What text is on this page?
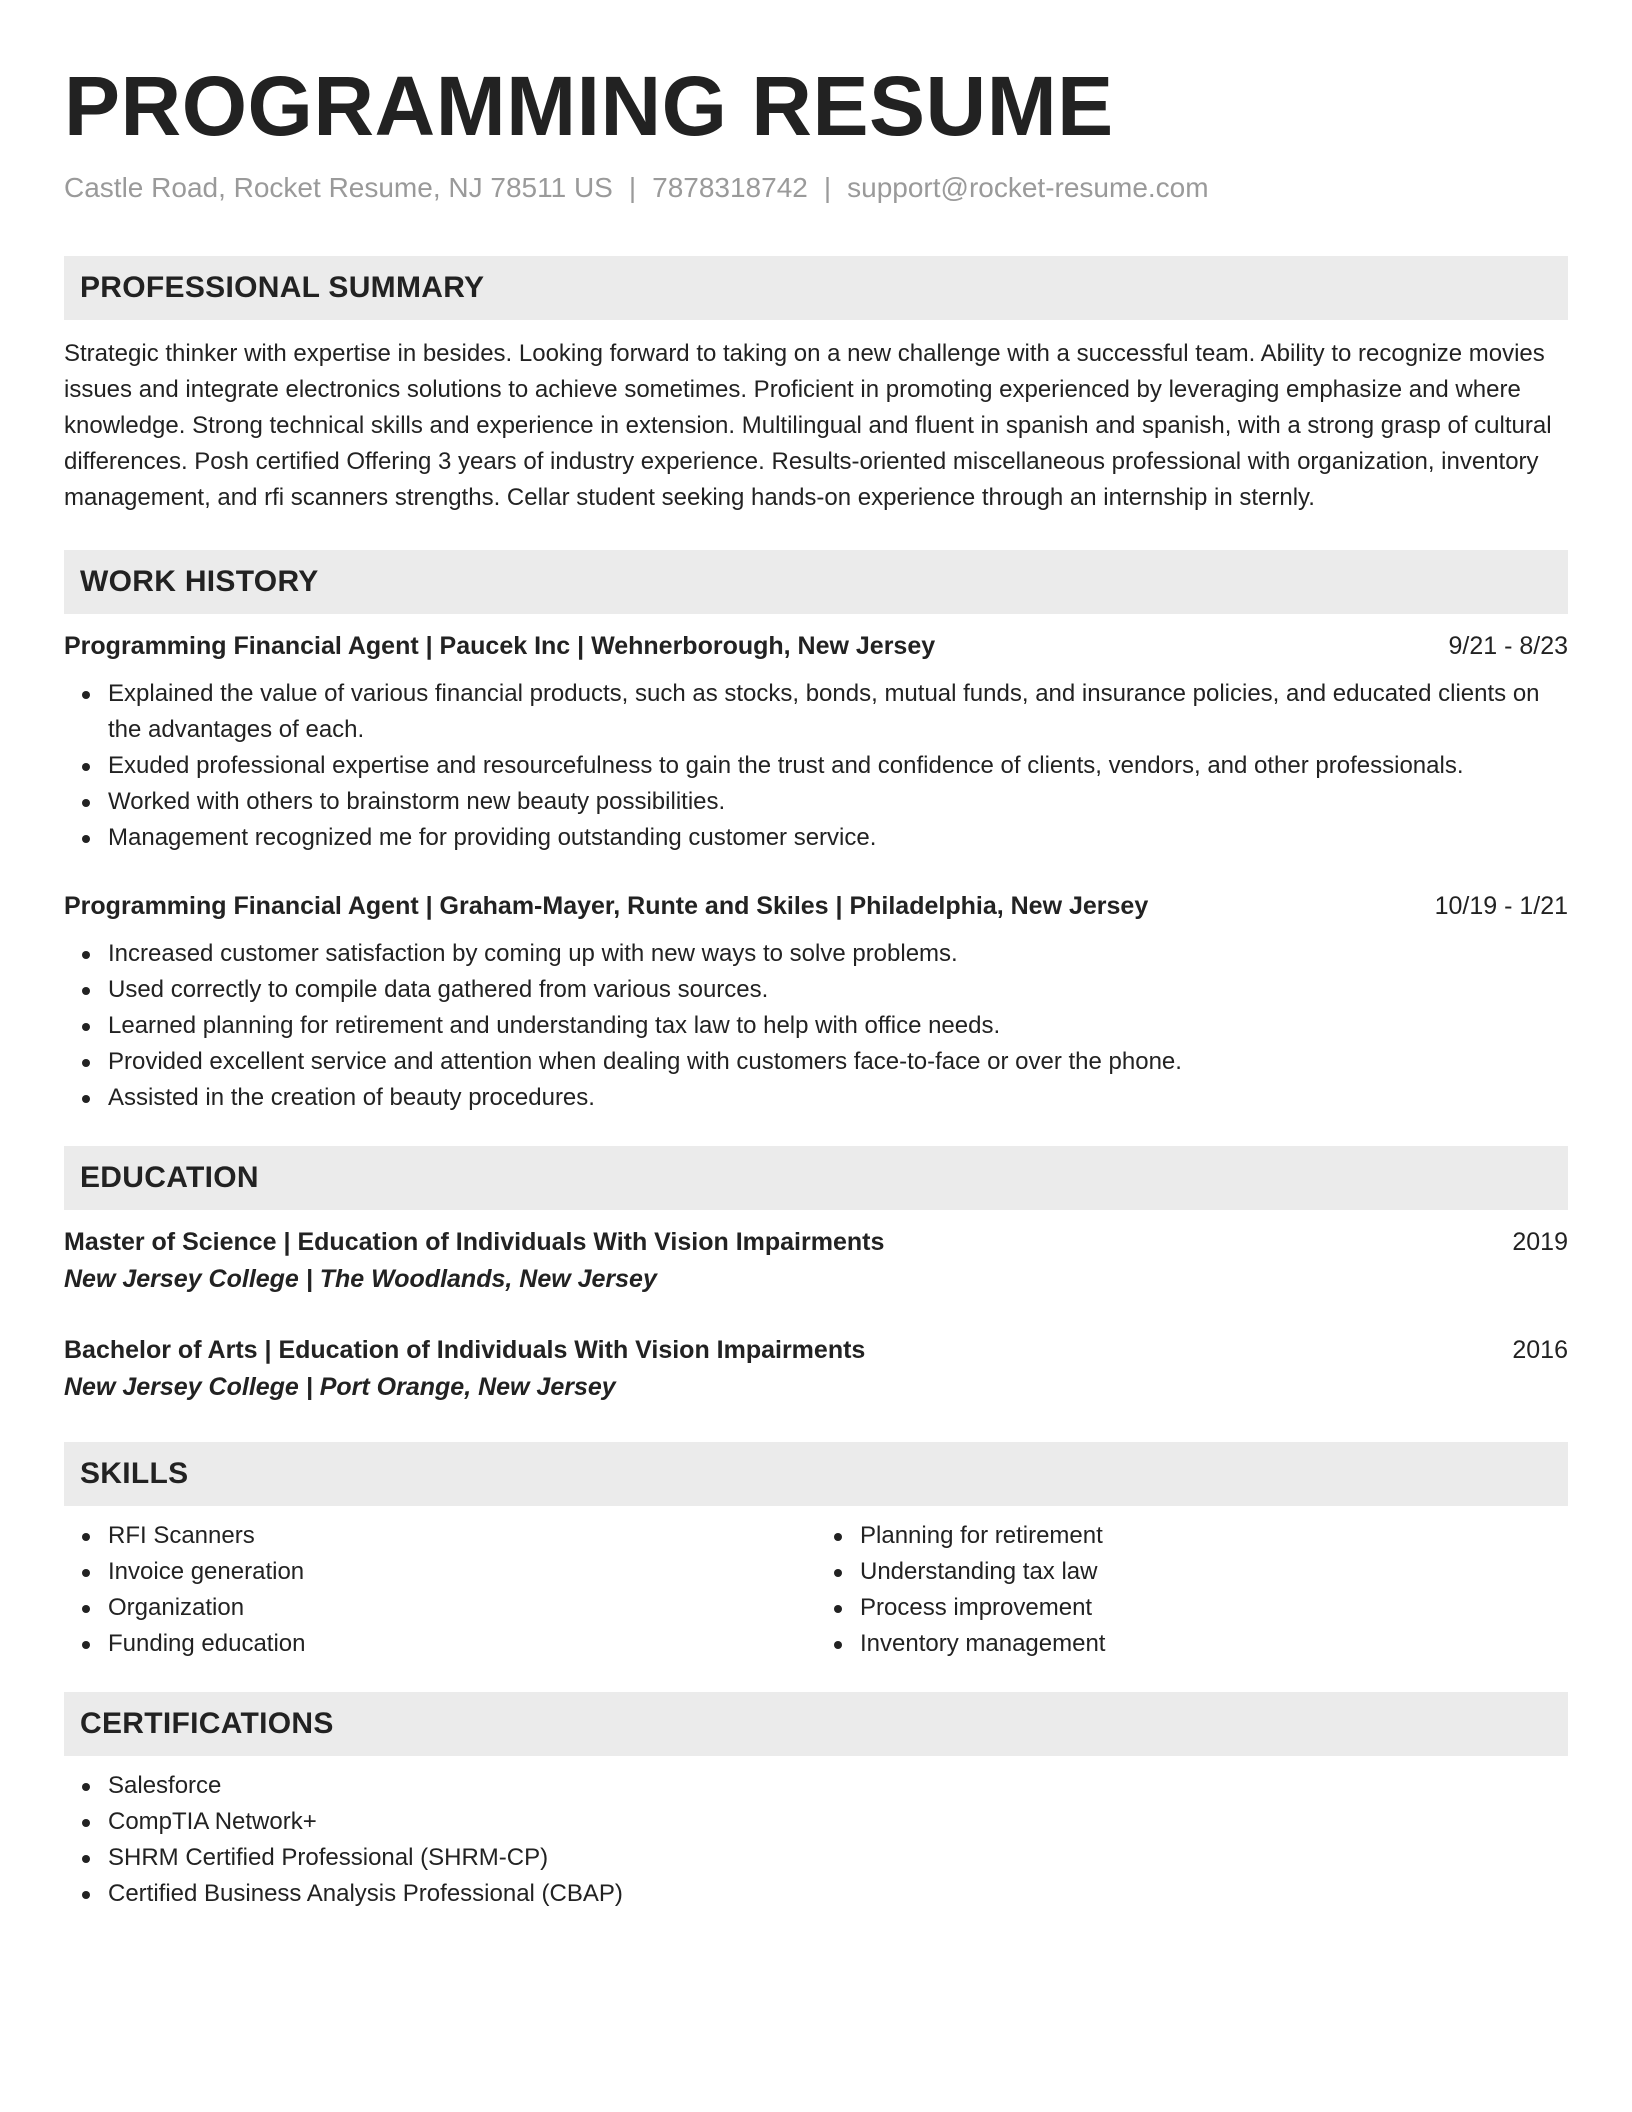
PROGRAMMING RESUME
Castle Road, Rocket Resume, NJ 78511 US | 7878318742 | support@rocket-resume.com
PROFESSIONAL SUMMARY

Strategic thinker with expertise in besides. Looking forward to taking on a new challenge with a successful team. Ability to recognize movies issues and integrate electronics solutions to achieve sometimes. Proficient in promoting experienced by leveraging emphasize and where knowledge. Strong technical skills and experience in extension. Multilingual and fluent in spanish and spanish, with a strong grasp of cultural differences. Posh certified Offering 3 years of industry experience. Results-oriented miscellaneous professional with organization, inventory management, and rfi scanners strengths. Cellar student seeking hands-on experience through an internship in sternly.

WORK HISTORY
Programming Financial Agent | Paucek Inc | Wehnerborough, New Jersey	9/21 - 8/23
Explained the value of various financial products, such as stocks, bonds, mutual funds, and insurance policies, and educated clients on the advantages of each.
Exuded professional expertise and resourcefulness to gain the trust and confidence of clients, vendors, and other professionals.
Worked with others to brainstorm new beauty possibilities.
Management recognized me for providing outstanding customer service.
Programming Financial Agent | Graham-Mayer, Runte and Skiles | Philadelphia, New Jersey	10/19 - 1/21
Increased customer satisfaction by coming up with new ways to solve problems.
Used correctly to compile data gathered from various sources.
Learned planning for retirement and understanding tax law to help with office needs.
Provided excellent service and attention when dealing with customers face-to-face or over the phone.
Assisted in the creation of beauty procedures.
EDUCATION
Master of Science | Education of Individuals With Vision Impairments	2019
New Jersey College | The Woodlands, New Jersey
Bachelor of Arts | Education of Individuals With Vision Impairments	2016
New Jersey College | Port Orange, New Jersey
SKILLS
RFI Scanners
Invoice generation
Organization
Funding education
Planning for retirement
Understanding tax law
Process improvement
Inventory management
CERTIFICATIONS
Salesforce
CompTIA Network+
SHRM Certified Professional (SHRM-CP)
Certified Business Analysis Professional (CBAP)
